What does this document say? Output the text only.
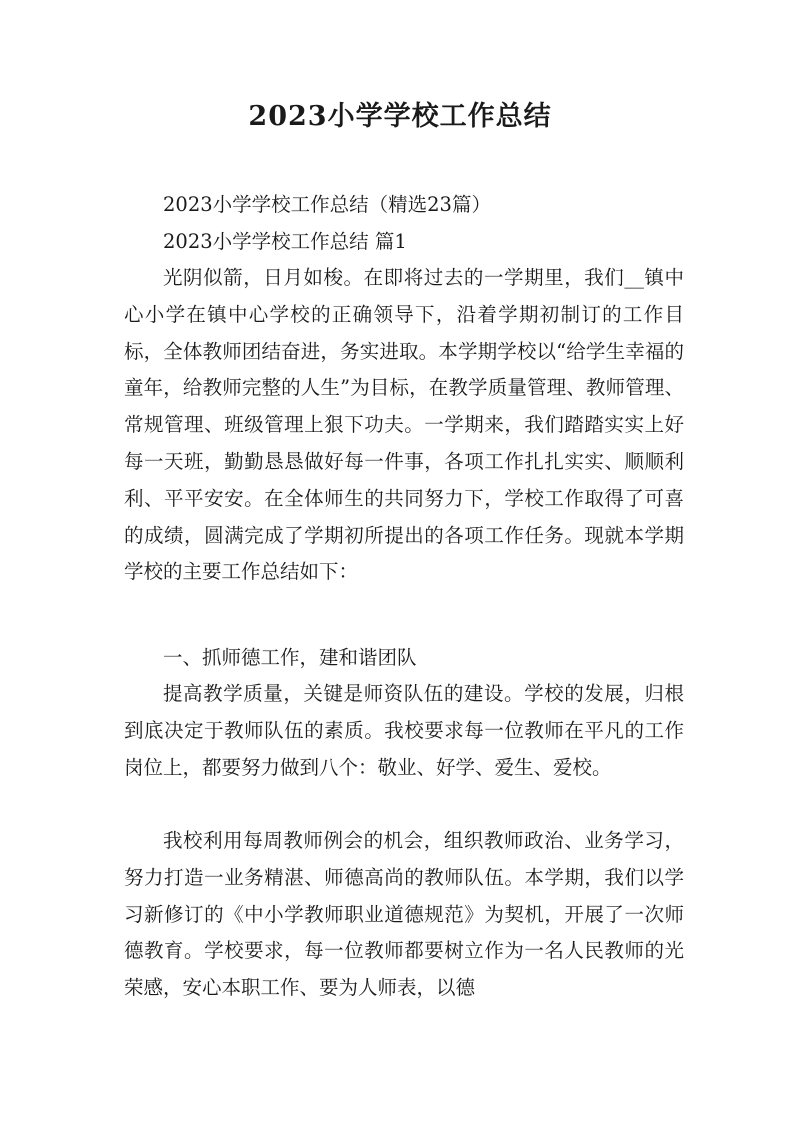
2023小学学校工作总结
2023小学学校工作总结（精选23篇）
2023小学学校工作总结 篇1

光阴似箭，日月如梭。在即将过去的一学期里，我们__镇中心小学在镇中心学校的正确领导下，沿着学期初制订的工作目标，全体教师团结奋进，务实进取。本学期学校以“给学生幸福的童年，给教师完整的人生”为目标，在教学质量管理、教师管理、常规管理、班级管理上狠下功夫。一学期来，我们踏踏实实上好每一天班，勤勤恳恳做好每一件事，各项工作扎扎实实、顺顺利利、平平安安。在全体师生的共同努力下，学校工作取得了可喜的成绩，圆满完成了学期初所提出的各项工作任务。现就本学期学校的主要工作总结如下：

一、抓师德工作，建和谐团队

提高教学质量，关键是师资队伍的建设。学校的发展，归根到底决定于教师队伍的素质。我校要求每一位教师在平凡的工作岗位上，都要努力做到八个：敬业、好学、爱生、爱校。

我校利用每周教师例会的机会，组织教师政治、业务学习，努力打造一业务精湛、师德高尚的教师队伍。本学期，我们以学习新修订的《中小学教师职业道德规范》为契机，开展了一次师德教育。学校要求，每一位教师都要树立作为一名人民教师的光荣感，安心本职工作、要为人师表，以德
